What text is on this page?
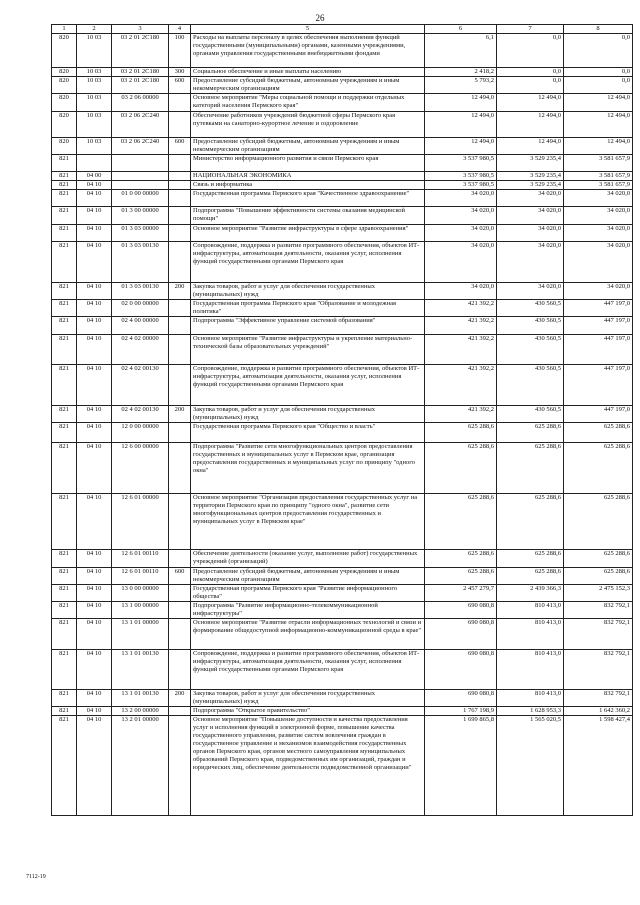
26
1	2	3	4	5	6	7	8
820	10 03	03 2 01 2С180	100	Расходы на выплаты персоналу в целях обеспечения выполнения функций государственными (муниципальными) органами, казенными учреждениями, органами управления государственными внебюджетными фондами	6,1	0,0	0,0
820	10 03	03 2 01 2С180	300	Социальное обеспечение и иные выплаты населению	2 418,2	0,0	0,0
820	10 03	03 2 01 2С180	600	Предоставление субсидий бюджетным, автономным учреждениям и иным некоммерческим организациям	5 793,2	0,0	0,0
820	10 03	03 2 06 00000		Основное мероприятие "Меры социальной помощи и поддержки отдельных категорий населения Пермского края"	12 494,0	12 494,0	12 494,0
820	10 03	03 2 06 2С240		Обеспечение работников учреждений бюджетной сферы Пермского края путевками на санаторно-курортное лечение и оздоровление	12 494,0	12 494,0	12 494,0
820	10 03	03 2 06 2С240	600	Предоставление субсидий бюджетным, автономным учреждениям и иным некоммерческим организациям	12 494,0	12 494,0	12 494,0
821				Министерство информационного развития и связи Пермского края	3 537 980,5	3 529 235,4	3 581 657,9
821	04 00			НАЦИОНАЛЬНАЯ ЭКОНОМИКА	3 537 980,5	3 529 235,4	3 581 657,9
821	04 10			Связь и информатика	3 537 980,5	3 529 235,4	3 581 657,9
821	04 10	01 0 00 00000		Государственная программа Пермского края "Качественное здравоохранение"	34 020,0	34 020,0	34 020,0
821	04 10	01 3 00 00000		Подпрограмма "Повышение эффективности системы оказания медицинской помощи"	34 020,0	34 020,0	34 020,0
821	04 10	01 3 03 00000		Основное мероприятие "Развитие инфраструктуры в сфере здравоохранения"	34 020,0	34 020,0	34 020,0
821	04 10	01 3 03 00130		Сопровождение, поддержка и развитие программного обеспечения, объектов ИТ-инфраструктуры, автоматизация деятельности, оказания услуг, исполнения функций государственными органами Пермского края	34 020,0	34 020,0	34 020,0
821	04 10	01 3 03 00130	200	Закупка товаров, работ и услуг для обеспечения государственных (муниципальных) нужд	34 020,0	34 020,0	34 020,0
821	04 10	02 0 00 00000		Государственная программа Пермского края "Образование и молодежная политика"	421 392,2	430 560,5	447 197,0
821	04 10	02 4 00 00000		Подпрограмма "Эффективное управление системой образования"	421 392,2	430 560,5	447 197,0
821	04 10	02 4 02 00000		Основное мероприятие "Развитие инфраструктуры и укрепление материально-технической базы образовательных учреждений"	421 392,2	430 560,5	447 197,0
821	04 10	02 4 02 00130		Сопровождение, поддержка и развитие программного обеспечения, объектов ИТ-инфраструктуры, автоматизация деятельности, оказания услуг, исполнения функций государственными органами Пермского края	421 392,2	430 560,5	447 197,0
821	04 10	02 4 02 00130	200	Закупка товаров, работ и услуг для обеспечения государственных (муниципальных) нужд	421 392,2	430 560,5	447 197,0
821	04 10	12 0 00 00000		Государственная программа Пермского края "Общество и власть"	625 288,6	625 288,6	625 288,6
821	04 10	12 6 00 00000		Подпрограмма "Развитие сети многофункциональных центров предоставления государственных и муниципальных услуг в Пермском крае, организация предоставления государственных и муниципальных услуг по принципу "одного окна"	625 288,6	625 288,6	625 288,6
821	04 10	12 6 01 00000		Основное мероприятие "Организация предоставления государственных услуг на территории Пермского края по принципу "одного окна", развитие сети многофункциональных центров предоставления государственных и муниципальных услуг в Пермском крае"	625 288,6	625 288,6	625 288,6
821	04 10	12 6 01 00110		Обеспечение деятельности (оказание услуг, выполнение работ) государственных учреждений (организаций)	625 288,6	625 288,6	625 288,6
821	04 10	12 6 01 00110	600	Предоставление субсидий бюджетным, автономным учреждениям и иным некоммерческим организациям	625 288,6	625 288,6	625 288,6
821	04 10	13 0 00 00000		Государственная программа Пермского края "Развитие информационного общества"	2 457 279,7	2 439 366,3	2 475 152,3
821	04 10	13 1 00 00000		Подпрограмма "Развитие информационно-телекоммуникационной инфраструктуры"	690 080,8	810 413,0	832 792,1
821	04 10	13 1 01 00000		Основное мероприятие "Развитие отрасли информационных технологий и связи и формирование общедоступной информационно-коммуникационной среды в крае"	690 080,8	810 413,0	832 792,1
821	04 10	13 1 01 00130		Сопровождение, поддержка и развитие программного обеспечения, объектов ИТ-инфраструктуры, автоматизация деятельности, оказания услуг, исполнения функций государственными органами Пермского края	690 080,8	810 413,0	832 792,1
821	04 10	13 1 01 00130	200	Закупка товаров, работ и услуг для обеспечения государственных (муниципальных) нужд	690 080,8	810 413,0	832 792,1
821	04 10	13 2 00 00000		Подпрограмма "Открытое правительство"	1 767 198,9	1 628 953,3	1 642 360,2
821	04 10	13 2 01 00000		Основное мероприятие "Повышение доступности и качества предоставления услуг и исполнения функций в электронной форме, повышение качества государственного управления, развитие систем вовлечения граждан в государственное управление и механизмов взаимодействия государственных органов Пермского края, органов местного самоуправления муниципальных образований Пермского края, подведомственных им организаций, граждан и юридических лиц, обеспечение деятельности подведомственной организации"	1 699 865,8	1 565 020,5	1 598 427,4
7112-19
